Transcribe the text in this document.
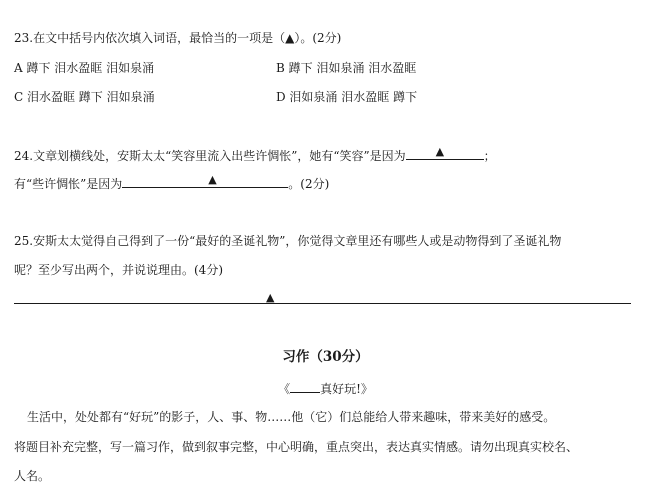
23.在文中括号内依次填入词语，最恰当的一项是（▲）。(2分)
A 蹲下 泪水盈眶 泪如泉涌	B 蹲下 泪如泉涌 泪水盈眶
C 泪水盈眶 蹲下 泪如泉涌	D 泪如泉涌 泪水盈眶 蹲下
24.文章划横线处，安斯太太“笑容里流入出些许惆怅”，她有“笑容”是因为	▲	；
有“些许惆怅”是因为	▲	。(2分)
25.安斯太太觉得自己得到了一份“最好的圣诞礼物”，你觉得文章里还有哪些人或是动物得到了圣诞礼物
呢？至少写出两个，并说说理由。(4分)
▲
习作（30分）
《	真好玩!》
生活中，处处都有“好玩”的影子，人、事、物……他（它）们总能给人带来趣味，带来美好的感受。
将题目补充完整，写一篇习作，做到叙事完整，中心明确，重点突出，表达真实情感。请勿出现真实校名、
人名。
